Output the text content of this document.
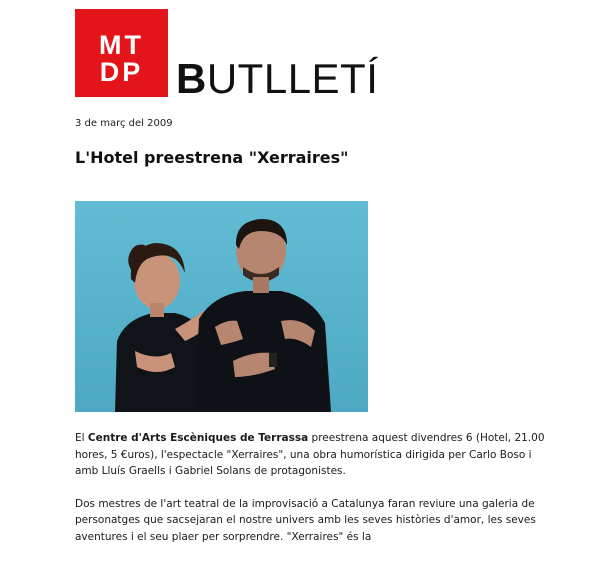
MT
DP BUTLLETÍ
3 de març del 2009
L'Hotel preestrena "Xerraires"

El Centre d'Arts Escèniques de Terrassa preestrena aquest divendres 6 (Hotel, 21.00 hores, 5 €uros), l'espectacle "Xerraires", una obra humorística dirigida per Carlo Boso i amb Lluís Graells i Gabriel Solans de protagonistes.

Dos mestres de l'art teatral de la improvisació a Catalunya faran reviure una galeria de personatges que sacsejaran el nostre univers amb les seves històries d'amor, les seves aventures i el seu plaer per sorprendre. "Xerraires" és la
